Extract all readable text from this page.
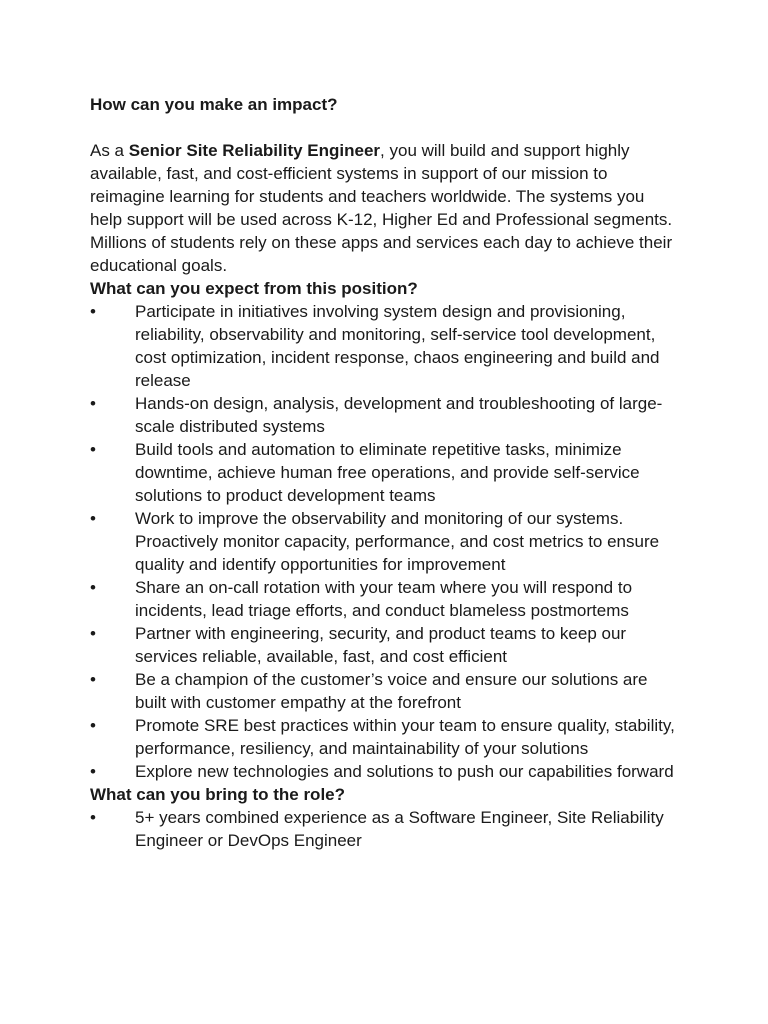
How can you make an impact?

As a Senior Site Reliability Engineer, you will build and support highly available, fast, and cost-efficient systems in support of our mission to reimagine learning for students and teachers worldwide. The systems you help support will be used across K-12, Higher Ed and Professional segments. Millions of students rely on these apps and services each day to achieve their educational goals.

What can you expect from this position?

•	Participate in initiatives involving system design and provisioning, reliability, observability and monitoring, self-service tool development, cost optimization, incident response, chaos engineering and build and release
•	Hands-on design, analysis, development and troubleshooting of large-scale distributed systems
•	Build tools and automation to eliminate repetitive tasks, minimize downtime, achieve human free operations, and provide self-service solutions to product development teams
•	Work to improve the observability and monitoring of our systems. Proactively monitor capacity, performance, and cost metrics to ensure quality and identify opportunities for improvement
•	Share an on-call rotation with your team where you will respond to incidents, lead triage efforts, and conduct blameless postmortems
•	Partner with engineering, security, and product teams to keep our services reliable, available, fast, and cost efficient
•	Be a champion of the customer’s voice and ensure our solutions are built with customer empathy at the forefront
•	Promote SRE best practices within your team to ensure quality, stability, performance, resiliency, and maintainability of your solutions
•	Explore new technologies and solutions to push our capabilities forward

What can you bring to the role?

•	5+ years combined experience as a Software Engineer, Site Reliability Engineer or DevOps Engineer
